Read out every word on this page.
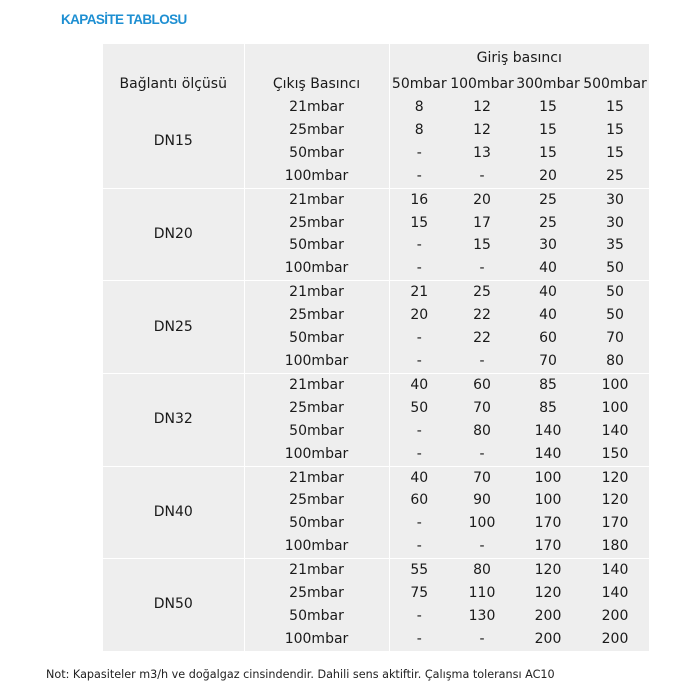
KAPASİTE TABLOSU
		Giriş basıncı			
Bağlantı ölçüsü	Çıkış Basıncı	50mbar	100mbar	300mbar	500mbar
DN15	21mbar	8	12	15	15
	25mbar	8	12	15	15
	50mbar	-	13	15	15
	100mbar	-	-	20	25
DN20	21mbar	16	20	25	30
	25mbar	15	17	25	30
	50mbar	-	15	30	35
	100mbar	-	-	40	50
DN25	21mbar	21	25	40	50
	25mbar	20	22	40	50
	50mbar	-	22	60	70
	100mbar	-	-	70	80
DN32	21mbar	40	60	85	100
	25mbar	50	70	85	100
	50mbar	-	80	140	140
	100mbar	-	-	140	150
DN40	21mbar	40	70	100	120
	25mbar	60	90	100	120
	50mbar	-	100	170	170
	100mbar	-	-	170	180
DN50	21mbar	55	80	120	140
	25mbar	75	110	120	140
	50mbar	-	130	200	200
	100mbar	-	-	200	200
Not: Kapasiteler m3/h ve doğalgaz cinsindendir. Dahili sens aktiftir. Çalışma toleransı AC10
